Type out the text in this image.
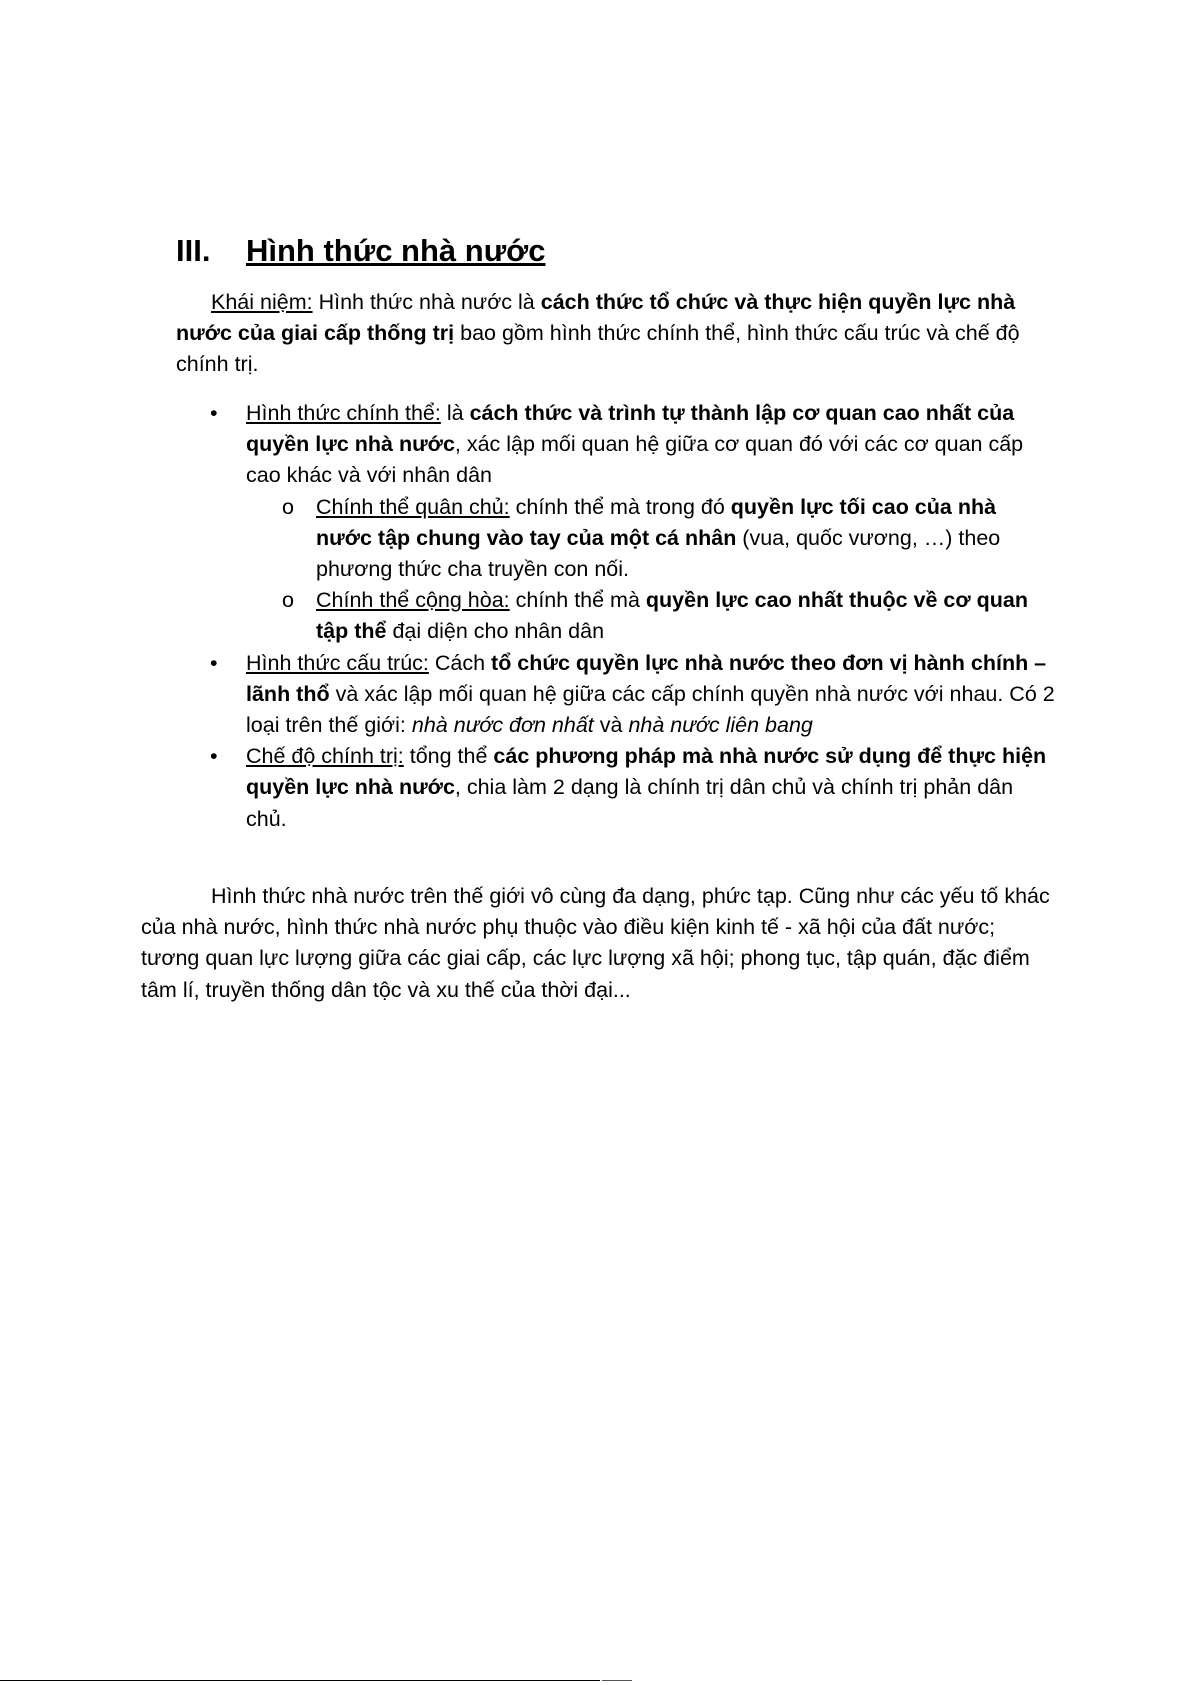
III. Hình thức nhà nước
Khái niệm: Hình thức nhà nước là cách thức tổ chức và thực hiện quyền lực nhà nước của giai cấp thống trị bao gồm hình thức chính thể, hình thức cấu trúc và chế độ chính trị.
• Hình thức chính thể: là cách thức và trình tự thành lập cơ quan cao nhất của quyền lực nhà nước, xác lập mối quan hệ giữa cơ quan đó với các cơ quan cấp cao khác và với nhân dân
o Chính thể quân chủ: chính thể mà trong đó quyền lực tối cao của nhà nước tập chung vào tay của một cá nhân (vua, quốc vương, …) theo phương thức cha truyền con nối.
o Chính thể cộng hòa: chính thể mà quyền lực cao nhất thuộc về cơ quan tập thể đại diện cho nhân dân
• Hình thức cấu trúc: Cách tổ chức quyền lực nhà nước theo đơn vị hành chính – lãnh thổ và xác lập mối quan hệ giữa các cấp chính quyền nhà nước với nhau. Có 2 loại trên thế giới: nhà nước đơn nhất và nhà nước liên bang
• Chế độ chính trị: tổng thể các phương pháp mà nhà nước sử dụng để thực hiện quyền lực nhà nước, chia làm 2 dạng là chính trị dân chủ và chính trị phản dân chủ.
Hình thức nhà nước trên thế giới vô cùng đa dạng, phức tạp. Cũng như các yếu tố khác của nhà nước, hình thức nhà nước phụ thuộc vào điều kiện kinh tế - xã hội của đất nước; tương quan lực lượng giữa các giai cấp, các lực lượng xã hội; phong tục, tập quán, đặc điểm tâm lí, truyền thống dân tộc và xu thế của thời đại...
